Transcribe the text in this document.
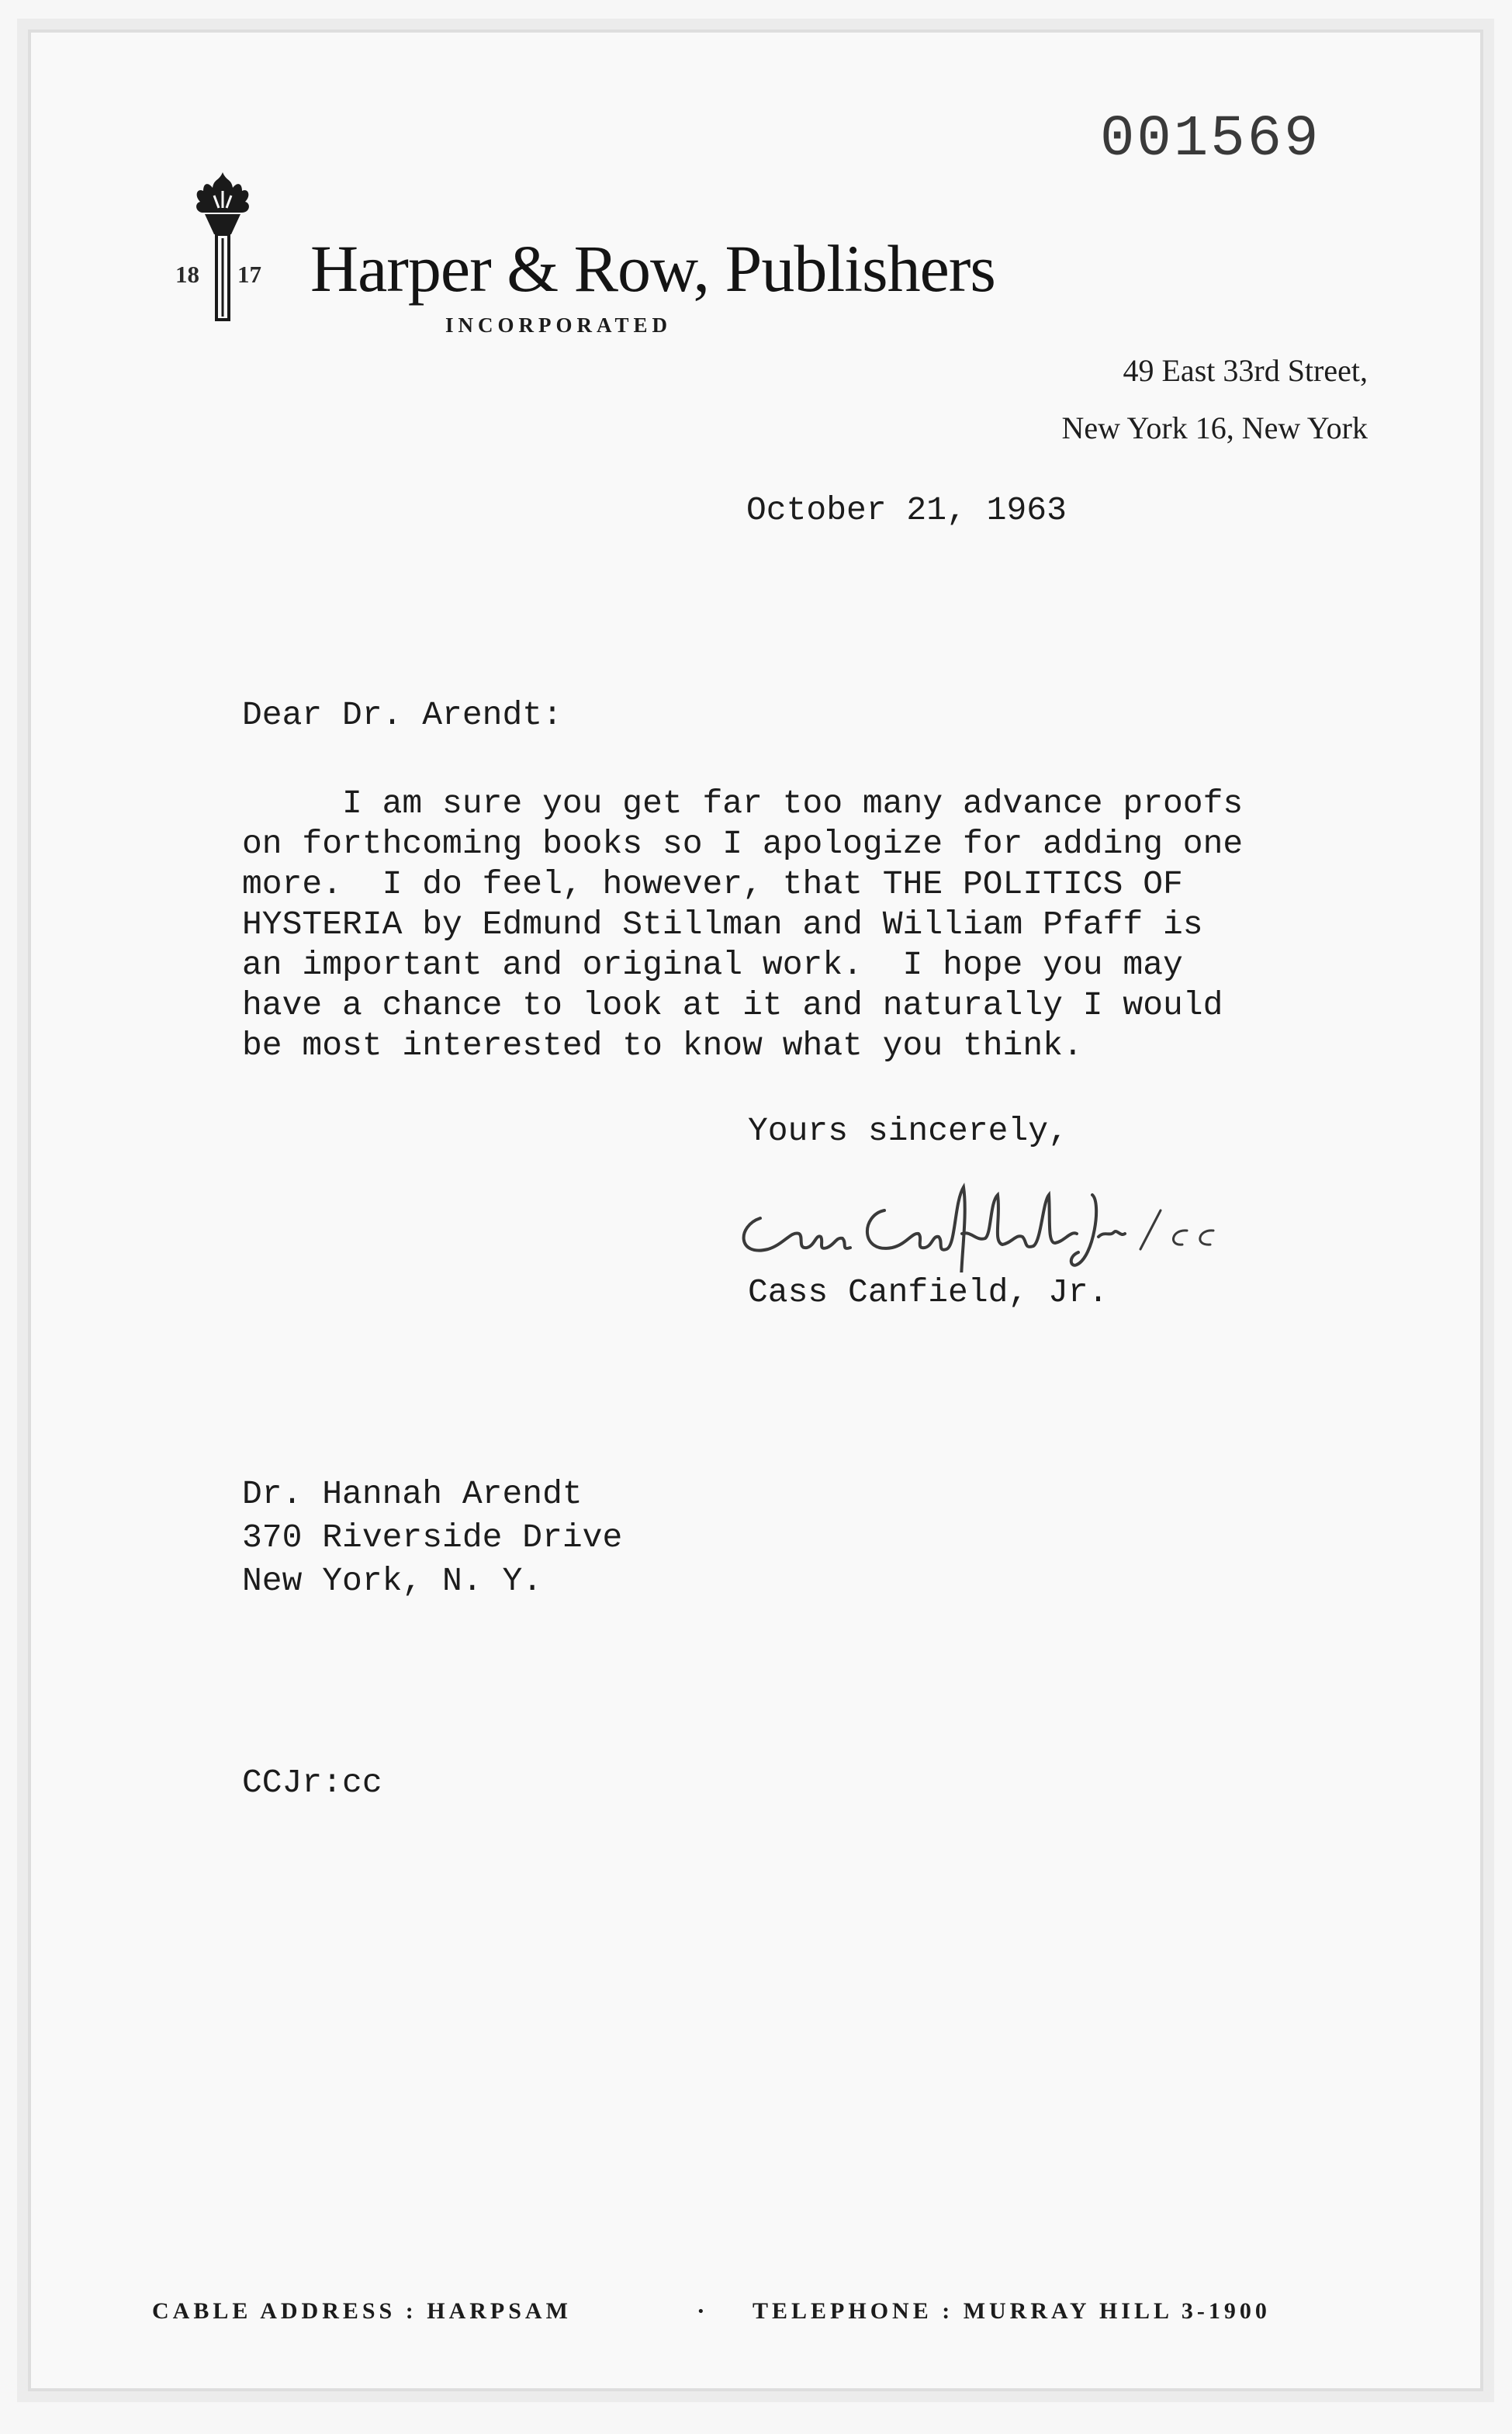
001569
18 17 Harper & Row, Publishers
INCORPORATED
49 East 33rd Street,
New York 16, New York
October 21, 1963
Dear Dr. Arendt:
I am sure you get far too many advance proofs
on forthcoming books so I apologize for adding one
more.  I do feel, however, that THE POLITICS OF
HYSTERIA by Edmund Stillman and William Pfaff is
an important and original work.  I hope you may
have a chance to look at it and naturally I would
be most interested to know what you think.
Yours sincerely,
Cass Canfield, Jr.
Dr. Hannah Arendt
370 Riverside Drive
New York, N. Y.
CCJr:cc
CABLE ADDRESS : HARPSAM	· TELEPHONE : MURRAY HILL 3-1900
